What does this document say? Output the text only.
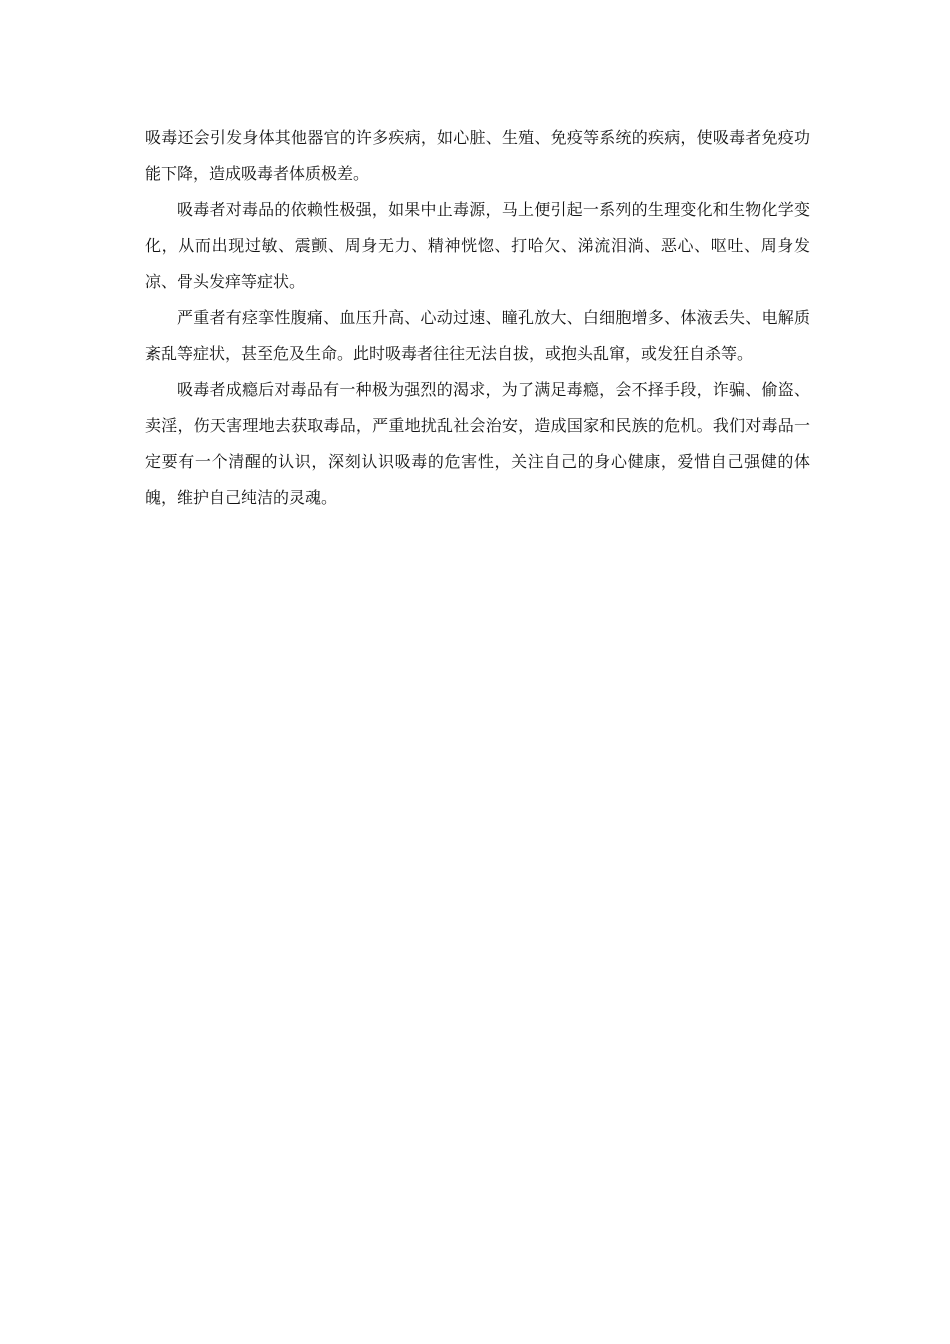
吸毒还会引发身体其他器官的许多疾病，如心脏、生殖、免疫等系统的疾病，使吸毒者免疫功能下降，造成吸毒者体质极差。

吸毒者对毒品的依赖性极强，如果中止毒源，马上便引起一系列的生理变化和生物化学变化，从而出现过敏、震颤、周身无力、精神恍惚、打哈欠、涕流泪淌、恶心、呕吐、周身发凉、骨头发痒等症状。

严重者有痉挛性腹痛、血压升高、心动过速、瞳孔放大、白细胞增多、体液丢失、电解质紊乱等症状，甚至危及生命。此时吸毒者往往无法自拔，或抱头乱窜，或发狂自杀等。

吸毒者成瘾后对毒品有一种极为强烈的渴求，为了满足毒瘾，会不择手段，诈骗、偷盗、卖淫，伤天害理地去获取毒品，严重地扰乱社会治安，造成国家和民族的危机。我们对毒品一定要有一个清醒的认识，深刻认识吸毒的危害性，关注自己的身心健康，爱惜自己强健的体魄，维护自己纯洁的灵魂。
